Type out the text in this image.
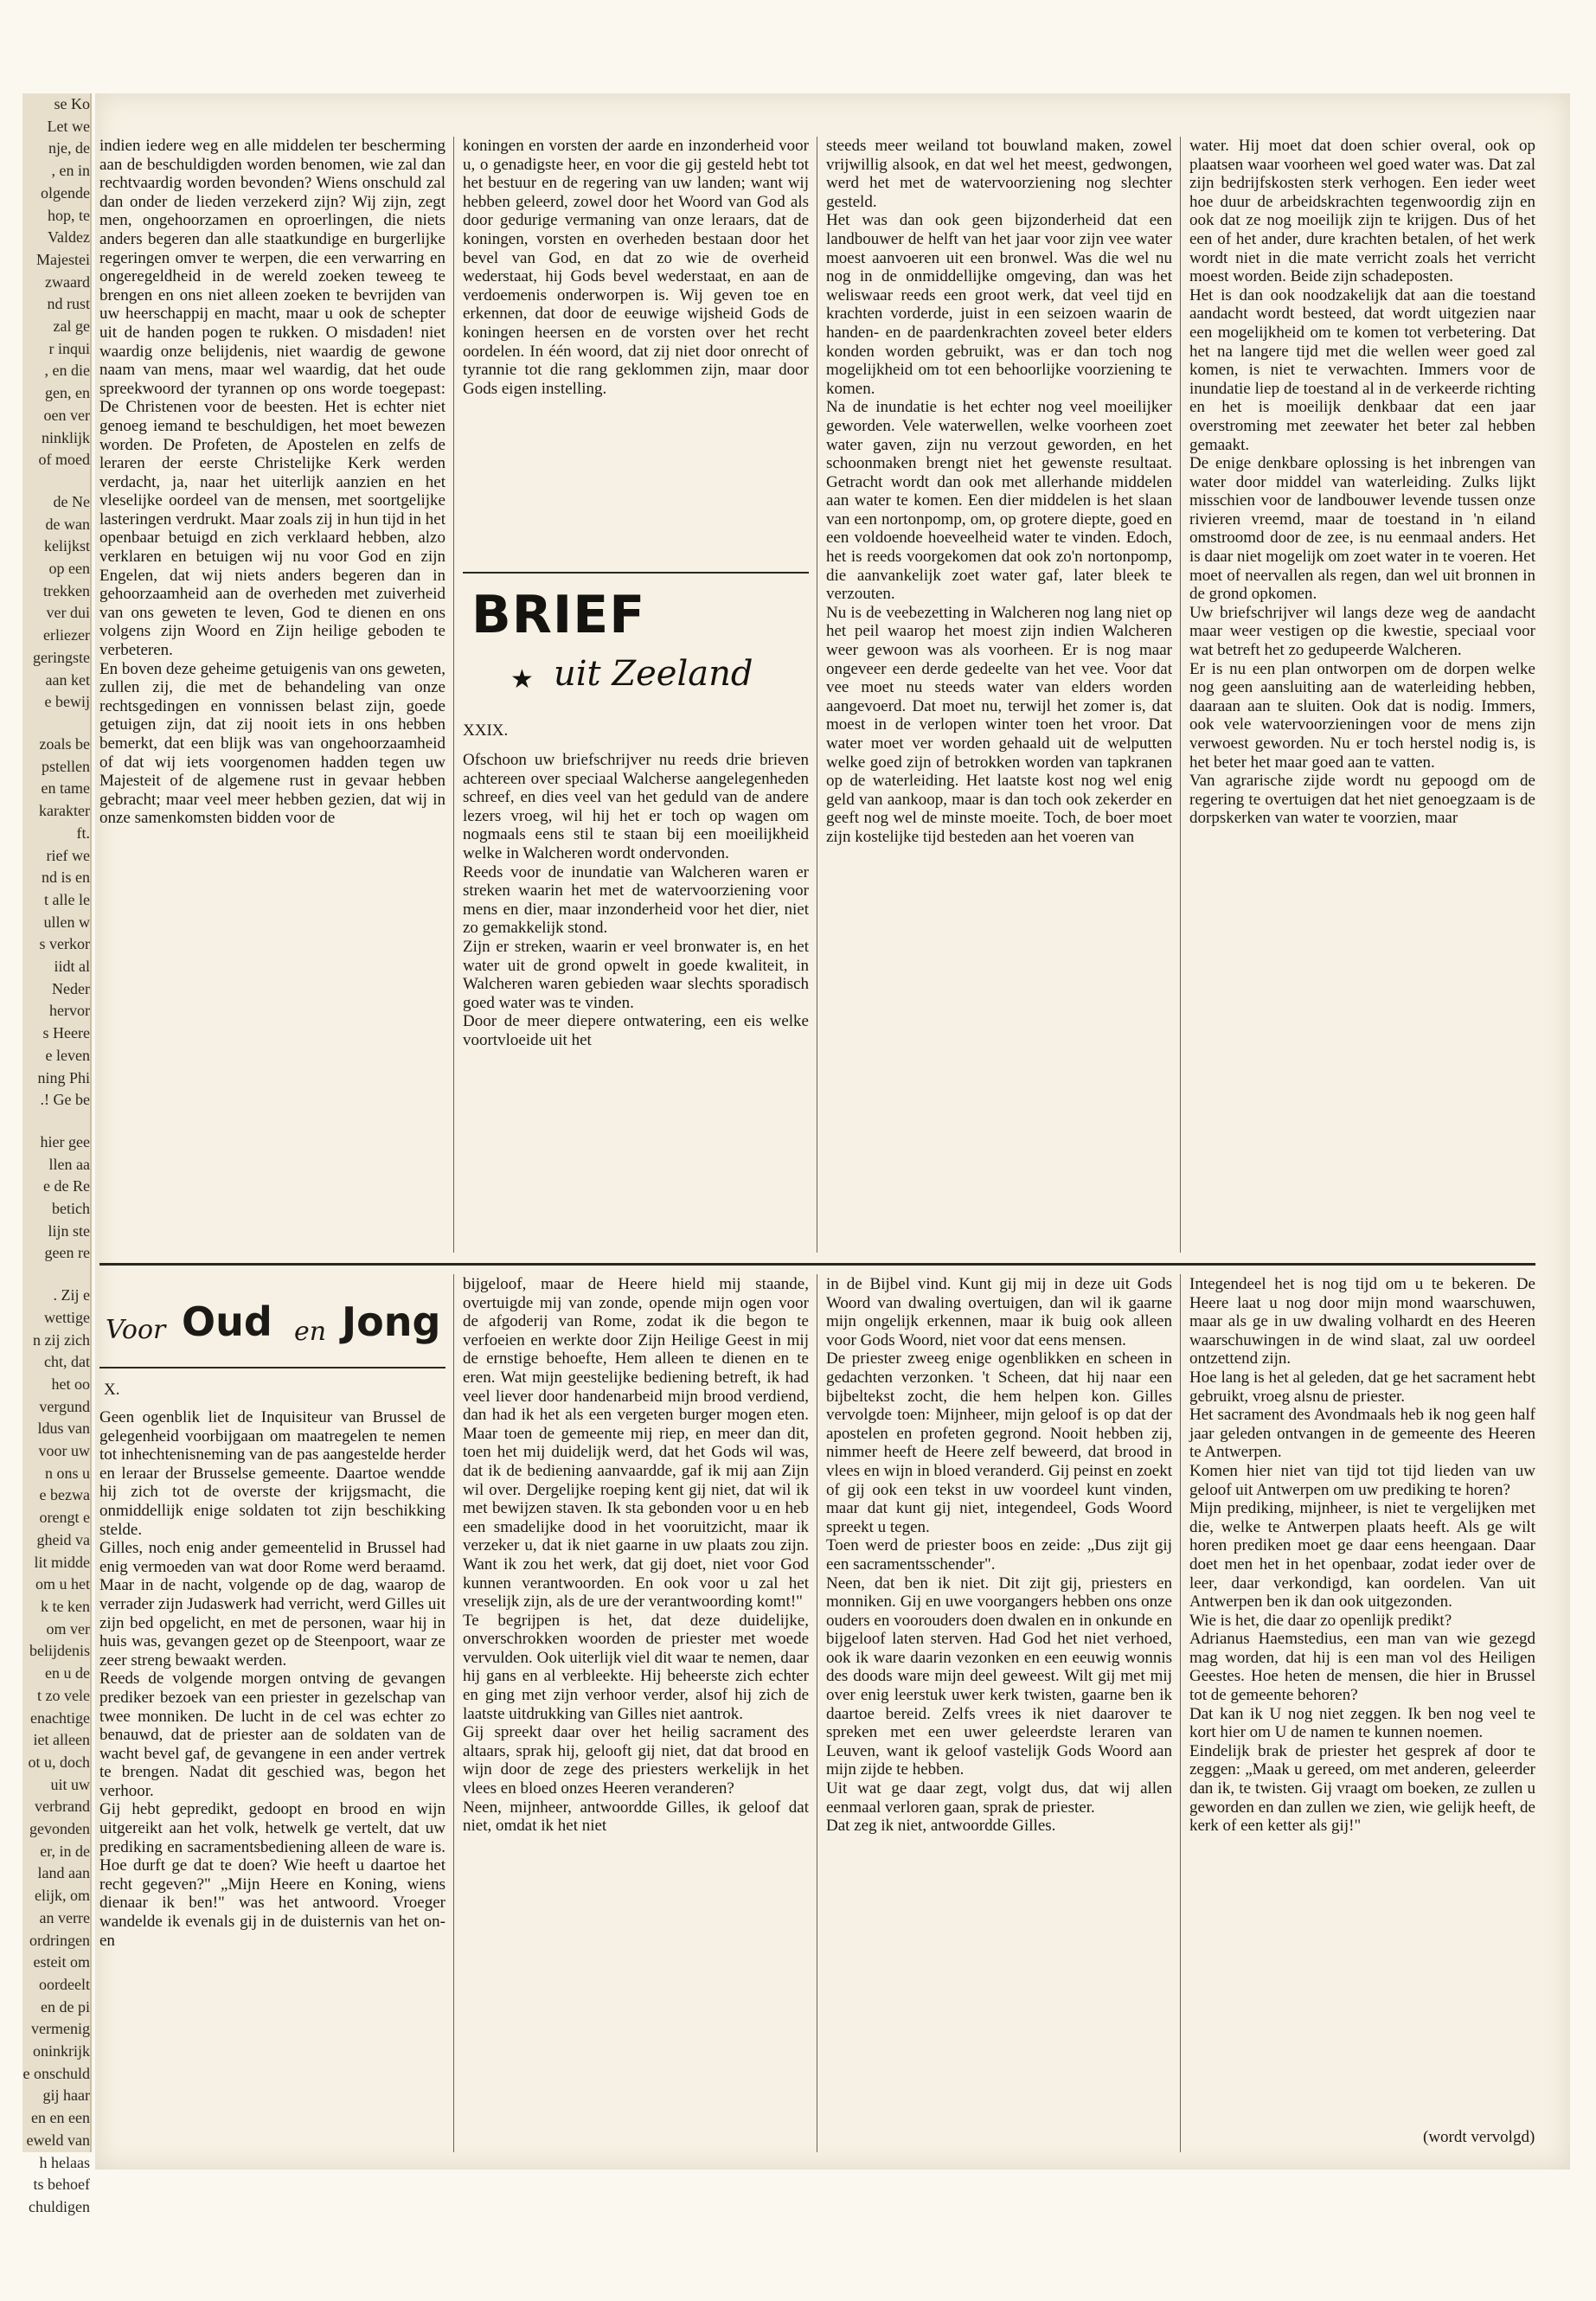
se Ko
Let we
nje, de
, en in
olgende
hop, te
Valdez
Majestei
zwaard
nd rust
zal ge
r inqui
, en die
gen, en
oen ver
ninklijk
of moed
de Ne
de wan
kelijkst
op een
trekken
ver dui
erliezer
geringste
aan ket
e bewij
zoals be
pstellen
en tame
karakter
ft.
rief we
nd is en
t alle le
ullen w
s verkor
iidt al
Neder
hervor
s Heere
e leven
ning Phi
.! Ge be
hier gee
llen aa
e de Re
betich
lijn ste
geen re
. Zij e
wettige
n zij zich
cht, dat
het oo
vergund
ldus van
voor uw
n ons u
e bezwa
orengt e
gheid va
lit midde
om u het
k te ken
om ver
belijdenis
en u de
t zo vele
enachtige
iet alleen
ot u, doch
uit uw
verbrand
gevonden
er, in de
land aan
elijk, om
an verre
ordringen
esteit om
oordeelt
en de pi
vermenig
oninkrijk
e onschuld
gij haar
en en een
eweld van
h helaas
ts behoef
chuldigen

indien iedere weg en alle middelen ter bescherming aan de beschuldigden worden benomen, wie zal dan rechtvaardig worden bevonden? Wiens onschuld zal dan onder de lieden verzekerd zijn? Wij zijn, zegt men, ongehoorzamen en oproerlingen, die niets anders begeren dan alle staatkundige en burgerlijke regeringen omver te werpen, die een verwarring en ongeregeldheid in de wereld zoeken teweeg te brengen en ons niet alleen zoeken te bevrijden van uw heerschappij en macht, maar u ook de schepter uit de handen pogen te rukken. O misdaden! niet waardig onze belijdenis, niet waardig de gewone naam van mens, maar wel waardig, dat het oude spreekwoord der tyrannen op ons worde toegepast: De Christenen voor de beesten. Het is echter niet genoeg iemand te beschuldigen, het moet bewezen worden. De Profeten, de Apostelen en zelfs de leraren der eerste Christelijke Kerk werden verdacht, ja, naar het uiterlijk aanzien en het vleselijke oordeel van de mensen, met soortgelijke lasteringen verdrukt. Maar zoals zij in hun tijd in het openbaar betuigd en zich verklaard hebben, alzo verklaren en betuigen wij nu voor God en zijn Engelen, dat wij niets anders begeren dan in gehoorzaamheid aan de overheden met zuiverheid van ons geweten te leven, God te dienen en ons volgens zijn Woord en Zijn heilige geboden te verbeteren.

En boven deze geheime getuigenis van ons geweten, zullen zij, die met de behandeling van onze rechtsgedingen en vonnissen belast zijn, goede getuigen zijn, dat zij nooit iets in ons hebben bemerkt, dat een blijk was van ongehoorzaamheid of dat wij iets voorgenomen hadden tegen uw Majesteit of de algemene rust in gevaar hebben gebracht; maar veel meer hebben gezien, dat wij in onze samenkomsten bidden voor de

koningen en vorsten der aarde en inzonderheid voor u, o genadigste heer, en voor die gij gesteld hebt tot het bestuur en de regering van uw landen; want wij hebben geleerd, zowel door het Woord van God als door gedurige vermaning van onze leraars, dat de koningen, vorsten en overheden bestaan door het bevel van God, en dat zo wie de overheid wederstaat, hij Gods bevel wederstaat, en aan de verdoemenis onderworpen is. Wij geven toe en erkennen, dat door de eeuwige wijsheid Gods de koningen heersen en de vorsten over het recht oordelen. In één woord, dat zij niet door onrecht of tyrannie tot die rang geklommen zijn, maar door Gods eigen instelling.

BRIEF
★ uit Zeeland
XXIX.

Ofschoon uw briefschrijver nu reeds drie brieven achtereen over speciaal Walcherse aangelegenheden schreef, en dies veel van het geduld van de andere lezers vroeg, wil hij het er toch op wagen om nogmaals eens stil te staan bij een moeilijkheid welke in Walcheren wordt ondervonden.

Reeds voor de inundatie van Walcheren waren er streken waarin het met de watervoorziening voor mens en dier, maar inzonderheid voor het dier, niet zo gemakkelijk stond.

Zijn er streken, waarin er veel bronwater is, en het water uit de grond opwelt in goede kwaliteit, in Walcheren waren gebieden waar slechts sporadisch goed water was te vinden.

Door de meer diepere ontwatering, een eis welke voortvloeide uit het

steeds meer weiland tot bouwland maken, zowel vrijwillig alsook, en dat wel het meest, gedwongen, werd het met de watervoorziening nog slechter gesteld.

Het was dan ook geen bijzonderheid dat een landbouwer de helft van het jaar voor zijn vee water moest aanvoeren uit een bronwel. Was die wel nu nog in de onmiddellijke omgeving, dan was het weliswaar reeds een groot werk, dat veel tijd en krachten vorderde, juist in een seizoen waarin de handen- en de paardenkrachten zoveel beter elders konden worden gebruikt, was er dan toch nog mogelijkheid om tot een behoorlijke voorziening te komen.

Na de inundatie is het echter nog veel moeilijker geworden. Vele waterwellen, welke voorheen zoet water gaven, zijn nu verzout geworden, en het schoonmaken brengt niet het gewenste resultaat. Getracht wordt dan ook met allerhande middelen aan water te komen. Een dier middelen is het slaan van een nortonpomp, om, op grotere diepte, goed en een voldoende hoeveelheid water te vinden. Edoch, het is reeds voorgekomen dat ook zo'n nortonpomp, die aanvankelijk zoet water gaf, later bleek te verzouten.

Nu is de veebezetting in Walcheren nog lang niet op het peil waarop het moest zijn indien Walcheren weer gewoon was als voorheen. Er is nog maar ongeveer een derde gedeelte van het vee. Voor dat vee moet nu steeds water van elders worden aangevoerd. Dat moet nu, terwijl het zomer is, dat moest in de verlopen winter toen het vroor. Dat water moet ver worden gehaald uit de welputten welke goed zijn of betrokken worden van tapkranen op de waterleiding. Het laatste kost nog wel enig geld van aankoop, maar is dan toch ook zekerder en geeft nog wel de minste moeite. Toch, de boer moet zijn kostelijke tijd besteden aan het voeren van

water. Hij moet dat doen schier overal, ook op plaatsen waar voorheen wel goed water was. Dat zal zijn bedrijfskosten sterk verhogen. Een ieder weet hoe duur de arbeidskrachten tegenwoordig zijn en ook dat ze nog moeilijk zijn te krijgen. Dus of het een of het ander, dure krachten betalen, of het werk wordt niet in die mate verricht zoals het verricht moest worden. Beide zijn schadeposten.

Het is dan ook noodzakelijk dat aan die toestand aandacht wordt besteed, dat wordt uitgezien naar een mogelijkheid om te komen tot verbetering. Dat het na langere tijd met die wellen weer goed zal komen, is niet te verwachten. Immers voor de inundatie liep de toestand al in de verkeerde richting en het is moeilijk denkbaar dat een jaar overstroming met zeewater het beter zal hebben gemaakt.

De enige denkbare oplossing is het inbrengen van water door middel van waterleiding. Zulks lijkt misschien voor de landbouwer levende tussen onze rivieren vreemd, maar de toestand in 'n eiland omstroomd door de zee, is nu eenmaal anders. Het is daar niet mogelijk om zoet water in te voeren. Het moet of neervallen als regen, dan wel uit bronnen in de grond opkomen.

Uw briefschrijver wil langs deze weg de aandacht maar weer vestigen op die kwestie, speciaal voor wat betreft het zo gedupeerde Walcheren.

Er is nu een plan ontworpen om de dorpen welke nog geen aansluiting aan de waterleiding hebben, daaraan aan te sluiten. Ook dat is nodig. Immers, ook vele watervoorzieningen voor de mens zijn verwoest geworden. Nu er toch herstel nodig is, is het beter het maar goed aan te vatten.

Van agrarische zijde wordt nu gepoogd om de regering te overtuigen dat het niet genoegzaam is de dorpskerken van water te voorzien, maar

Voor Oud en Jong
X.

Geen ogenblik liet de Inquisiteur van Brussel de gelegenheid voorbijgaan om maatregelen te nemen tot inhechtenisneming van de pas aangestelde herder en leraar der Brusselse gemeente. Daartoe wendde hij zich tot de overste der krijgsmacht, die onmiddellijk enige soldaten tot zijn beschikking stelde.

Gilles, noch enig ander gemeentelid in Brussel had enig vermoeden van wat door Rome werd beraamd. Maar in de nacht, volgende op de dag, waarop de verrader zijn Judaswerk had verricht, werd Gilles uit zijn bed opgelicht, en met de personen, waar hij in huis was, gevangen gezet op de Steenpoort, waar ze zeer streng bewaakt werden.

Reeds de volgende morgen ontving de gevangen prediker bezoek van een priester in gezelschap van twee monniken. De lucht in de cel was echter zo benauwd, dat de priester aan de soldaten van de wacht bevel gaf, de gevangene in een ander vertrek te brengen. Nadat dit geschied was, begon het verhoor.

Gij hebt gepredikt, gedoopt en brood en wijn uitgereikt aan het volk, hetwelk ge vertelt, dat uw prediking en sacramentsbediening alleen de ware is. Hoe durft ge dat te doen? Wie heeft u daartoe het recht gegeven?" „Mijn Heere en Koning, wiens dienaar ik ben!" was het antwoord. Vroeger wandelde ik evenals gij in de duisternis van het on- en

bijgeloof, maar de Heere hield mij staande, overtuigde mij van zonde, opende mijn ogen voor de afgoderij van Rome, zodat ik die begon te verfoeien en werkte door Zijn Heilige Geest in mij de ernstige behoefte, Hem alleen te dienen en te eren. Wat mijn geestelijke bediening betreft, ik had veel liever door handenarbeid mijn brood verdiend, dan had ik het als een vergeten burger mogen eten. Maar toen de gemeente mij riep, en meer dan dit, toen het mij duidelijk werd, dat het Gods wil was, dat ik de bediening aanvaardde, gaf ik mij aan Zijn wil over. Dergelijke roeping kent gij niet, dat wil ik met bewijzen staven. Ik sta gebonden voor u en heb een smadelijke dood in het vooruitzicht, maar ik verzeker u, dat ik niet gaarne in uw plaats zou zijn. Want ik zou het werk, dat gij doet, niet voor God kunnen verantwoorden. En ook voor u zal het vreselijk zijn, als de ure der verantwoording komt!"

Te begrijpen is het, dat deze duidelijke, onverschrokken woorden de priester met woede vervulden. Ook uiterlijk viel dit waar te nemen, daar hij gans en al verbleekte. Hij beheerste zich echter en ging met zijn verhoor verder, alsof hij zich de laatste uitdrukking van Gilles niet aantrok.

Gij spreekt daar over het heilig sacrament des altaars, sprak hij, gelooft gij niet, dat dat brood en wijn door de zege des priesters werkelijk in het vlees en bloed onzes Heeren veranderen?

Neen, mijnheer, antwoordde Gilles, ik geloof dat niet, omdat ik het niet

in de Bijbel vind. Kunt gij mij in deze uit Gods Woord van dwaling overtuigen, dan wil ik gaarne mijn ongelijk erkennen, maar ik buig ook alleen voor Gods Woord, niet voor dat eens mensen.

De priester zweeg enige ogenblikken en scheen in gedachten verzonken. 't Scheen, dat hij naar een bijbeltekst zocht, die hem helpen kon. Gilles vervolgde toen: Mijnheer, mijn geloof is op dat der apostelen en profeten gegrond. Nooit hebben zij, nimmer heeft de Heere zelf beweerd, dat brood in vlees en wijn in bloed veranderd. Gij peinst en zoekt of gij ook een tekst in uw voordeel kunt vinden, maar dat kunt gij niet, integendeel, Gods Woord spreekt u tegen.

Toen werd de priester boos en zeide: „Dus zijt gij een sacramentsschender".

Neen, dat ben ik niet. Dit zijt gij, priesters en monniken. Gij en uwe voorgangers hebben ons onze ouders en voorouders doen dwalen en in onkunde en bijgeloof laten sterven. Had God het niet verhoed, ook ik ware daarin vezonken en een eeuwig wonnis des doods ware mijn deel geweest. Wilt gij met mij over enig leerstuk uwer kerk twisten, gaarne ben ik daartoe bereid. Zelfs vrees ik niet daarover te spreken met een uwer geleerdste leraren van Leuven, want ik geloof vastelijk Gods Woord aan mijn zijde te hebben.

Uit wat ge daar zegt, volgt dus, dat wij allen eenmaal verloren gaan, sprak de priester.

Dat zeg ik niet, antwoordde Gilles.

Integendeel het is nog tijd om u te bekeren. De Heere laat u nog door mijn mond waarschuwen, maar als ge in uw dwaling volhardt en des Heeren waarschuwingen in de wind slaat, zal uw oordeel ontzettend zijn.

Hoe lang is het al geleden, dat ge het sacrament hebt gebruikt, vroeg alsnu de priester.

Het sacrament des Avondmaals heb ik nog geen half jaar geleden ontvangen in de gemeente des Heeren te Antwerpen.

Komen hier niet van tijd tot tijd lieden van uw geloof uit Antwerpen om uw prediking te horen?

Mijn prediking, mijnheer, is niet te vergelijken met die, welke te Antwerpen plaats heeft. Als ge wilt horen prediken moet ge daar eens heengaan. Daar doet men het in het openbaar, zodat ieder over de leer, daar verkondigd, kan oordelen. Van uit Antwerpen ben ik dan ook uitgezonden.

Wie is het, die daar zo openlijk predikt?

Adrianus Haemstedius, een man van wie gezegd mag worden, dat hij is een man vol des Heiligen Geestes. Hoe heten de mensen, die hier in Brussel tot de gemeente behoren?

Dat kan ik U nog niet zeggen. Ik ben nog veel te kort hier om U de namen te kunnen noemen.

Eindelijk brak de priester het gesprek af door te zeggen: „Maak u gereed, om met anderen, geleerder dan ik, te twisten. Gij vraagt om boeken, ze zullen u geworden en dan zullen we zien, wie gelijk heeft, de kerk of een ketter als gij!"

(wordt vervolgd)
